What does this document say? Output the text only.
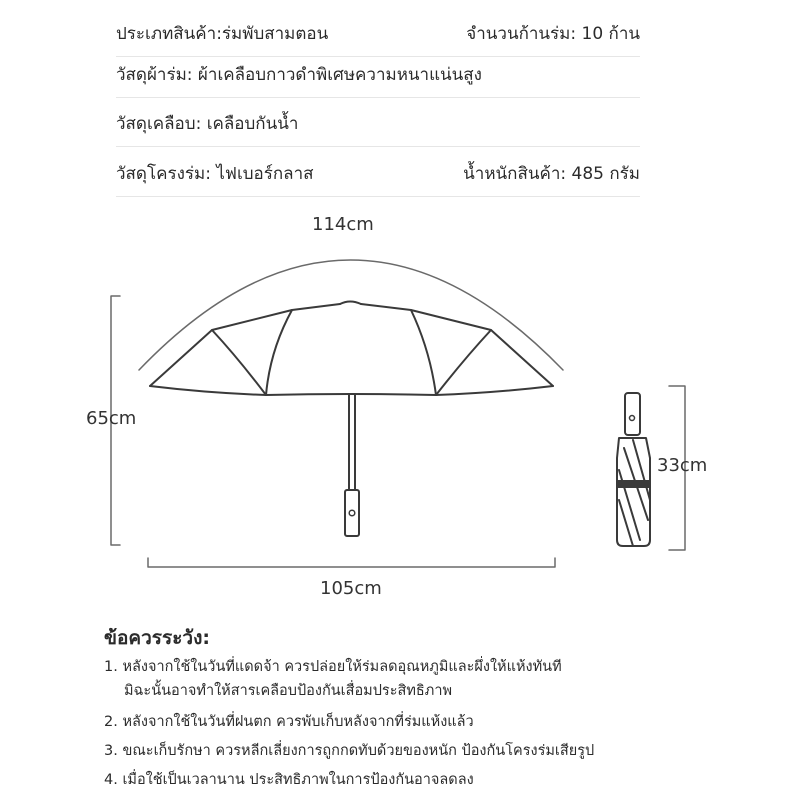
ประเภทสินค้า:ร่มพับสามตอน	จำนวนก้านร่ม: 10 ก้าน
วัสดุผ้าร่ม: ผ้าเคลือบกาวดำพิเศษความหนาแน่นสูง
วัสดุเคลือบ: เคลือบกันน้ำ
วัสดุโครงร่ม: ไฟเบอร์กลาส	น้ำหนักสินค้า: 485 กรัม
114cm
65cm
105cm
33cm
ข้อควรระวัง:
1. หลังจากใช้ในวันที่แดดจ้า ควรปล่อยให้ร่มลดอุณหภูมิและผึ่งให้แห้งทันที
มิฉะนั้นอาจทำให้สารเคลือบป้องกันเสื่อมประสิทธิภาพ
2. หลังจากใช้ในวันที่ฝนตก ควรพับเก็บหลังจากที่ร่มแห้งแล้ว
3. ขณะเก็บรักษา ควรหลีกเลี่ยงการถูกกดทับด้วยของหนัก ป้องกันโครงร่มเสียรูป
4. เมื่อใช้เป็นเวลานาน ประสิทธิภาพในการป้องกันอาจลดลง
